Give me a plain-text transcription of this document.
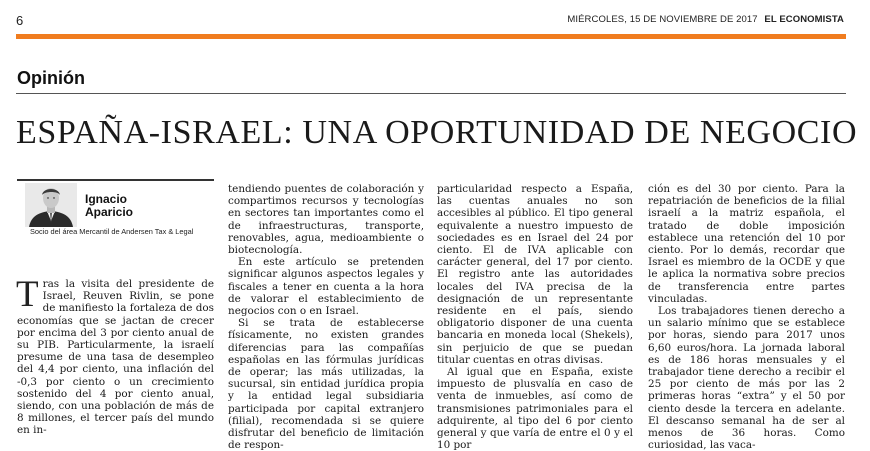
6	MIÉRCOLES, 15 DE NOVIEMBRE DE 2017 EL ECONOMISTA
Opinión
ESPAÑA-ISRAEL: UNA OPORTUNIDAD DE NEGOCIO
Ignacio
Aparicio
Socio del área Mercantil de Andersen Tax & Legal

Tras la visita del presidente de Israel, Reuven Rivlin, se pone de manifiesto la fortaleza de dos economías que se jactan de crecer por encima del 3 por ciento anual de su PIB. Particularmente, la israelí presume de una tasa de desempleo del 4,4 por ciento, una inflación del -0,3 por ciento o un crecimiento sostenido del 4 por ciento anual, siendo, con una población de más de 8 millones, el tercer país del mundo en in-

tendiendo puentes de colaboración y compartimos recursos y tecnologías en sectores tan importantes como el de infraestructuras, transporte, renovables, agua, medioambiente o biotecnología.

En este artículo se pretenden significar algunos aspectos legales y fiscales a tener en cuenta a la hora de valorar el establecimiento de negocios con o en Israel.

Si se trata de establecerse físicamente, no existen grandes diferencias para las compañías españolas en las fórmulas jurídicas de operar; las más utilizadas, la sucursal, sin entidad jurídica propia y la entidad legal subsidiaria participada por capital extranjero (filial), recomendada si se quiere disfrutar del beneficio de limitación de respon-

particularidad respecto a España, las cuentas anuales no son accesibles al público. El tipo general equivalente a nuestro impuesto de sociedades es en Israel del 24 por ciento. El de IVA aplicable con carácter general, del 17 por ciento. El registro ante las autoridades locales del IVA precisa de la designación de un representante residente en el país, siendo obligatorio disponer de una cuenta bancaria en moneda local (Shekels), sin perjuicio de que se puedan titular cuentas en otras divisas.

Al igual que en España, existe impuesto de plusvalía en caso de venta de inmuebles, así como de transmisiones patrimoniales para el adquirente, al tipo del 6 por ciento general y que varía de entre el 0 y el 10 por

ción es del 30 por ciento. Para la repatriación de beneficios de la filial israelí a la matriz española, el tratado de doble imposición establece una retención del 10 por ciento. Por lo demás, recordar que Israel es miembro de la OCDE y que le aplica la normativa sobre precios de transferencia entre partes vinculadas.

Los trabajadores tienen derecho a un salario mínimo que se establece por horas, siendo para 2017 unos 6,60 euros/hora. La jornada laboral es de 186 horas mensuales y el trabajador tiene derecho a recibir el 25 por ciento de más por las 2 primeras horas “extra” y el 50 por ciento desde la tercera en adelante. El descanso semanal ha de ser al menos de 36 horas. Como curiosidad, las vaca-
